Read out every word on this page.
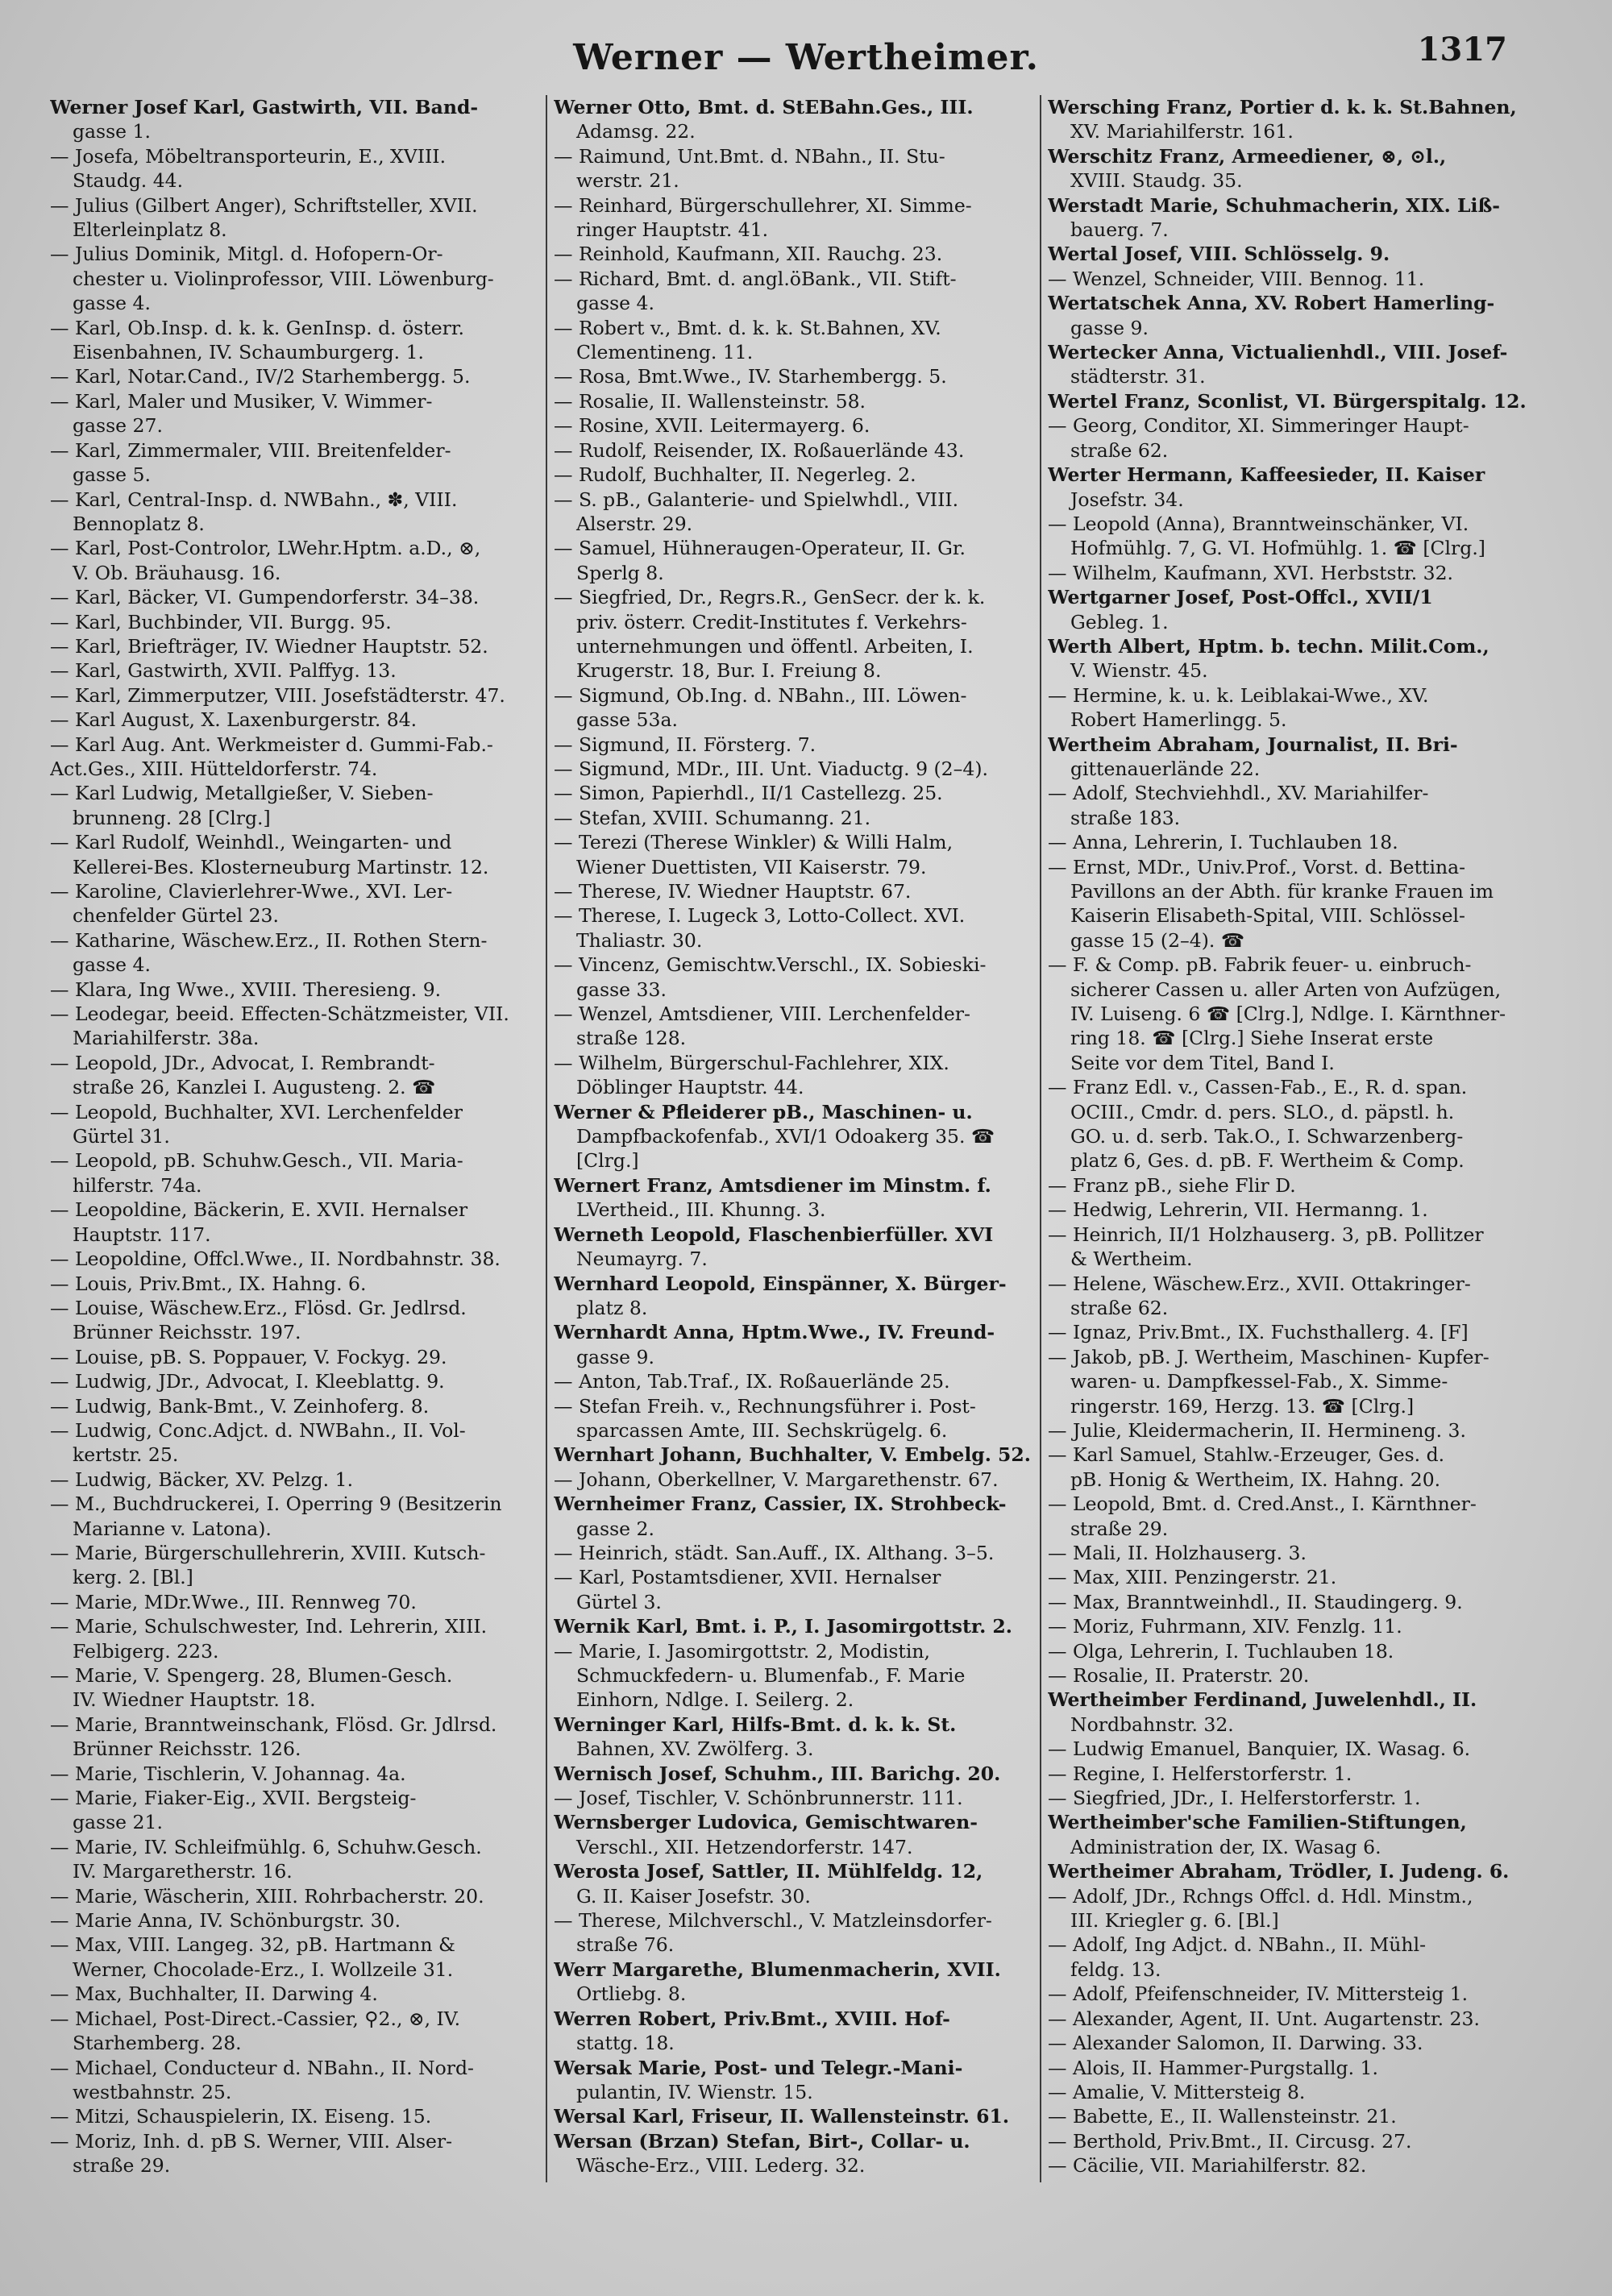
Werner — Wertheimer.	1317
Werner Josef Karl, Gastwirth, VII. Band-
gasse 1.
— Josefa, Möbeltransporteurin, E., XVIII.
Staudg. 44.
— Julius (Gilbert Anger), Schriftsteller, XVII.
Elterleinplatz 8.
— Julius Dominik, Mitgl. d. Hofopern-Or-
chester u. Violinprofessor, VIII. Löwenburg-
gasse 4.
— Karl, Ob.Insp. d. k. k. GenInsp. d. österr.
Eisenbahnen, IV. Schaumburgerg. 1.
— Karl, Notar.Cand., IV/2 Starhembergg. 5.
— Karl, Maler und Musiker, V. Wimmer-
gasse 27.
— Karl, Zimmermaler, VIII. Breitenfelder-
gasse 5.
— Karl, Central-Insp. d. NWBahn., ✽, VIII.
Bennoplatz 8.
— Karl, Post-Controlor, LWehr.Hptm. a.D., ⊗,
V. Ob. Bräuhausg. 16.
— Karl, Bäcker, VI. Gumpendorferstr. 34–38.
— Karl, Buchbinder, VII. Burgg. 95.
— Karl, Briefträger, IV. Wiedner Hauptstr. 52.
— Karl, Gastwirth, XVII. Palffyg. 13.
— Karl, Zimmerputzer, VIII. Josefstädterstr. 47.
— Karl August, X. Laxenburgerstr. 84.
— Karl Aug. Ant. Werkmeister d. Gummi-Fab.-
Act.Ges., XIII. Hütteldorferstr. 74.
— Karl Ludwig, Metallgießer, V. Sieben-
brunneng. 28 [Clrg.]
— Karl Rudolf, Weinhdl., Weingarten- und
Kellerei-Bes. Klosterneuburg Martinstr. 12.
— Karoline, Clavierlehrer-Wwe., XVI. Ler-
chenfelder Gürtel 23.
— Katharine, Wäschew.Erz., II. Rothen Stern-
gasse 4.
— Klara, Ing Wwe., XVIII. Theresieng. 9.
— Leodegar, beeid. Effecten-Schätzmeister, VII.
Mariahilferstr. 38a.
— Leopold, JDr., Advocat, I. Rembrandt-
straße 26, Kanzlei I. Augusteng. 2. ☎
— Leopold, Buchhalter, XVI. Lerchenfelder
Gürtel 31.
— Leopold, pB. Schuhw.Gesch., VII. Maria-
hilferstr. 74a.
— Leopoldine, Bäckerin, E. XVII. Hernalser
Hauptstr. 117.
— Leopoldine, Offcl.Wwe., II. Nordbahnstr. 38.
— Louis, Priv.Bmt., IX. Hahng. 6.
— Louise, Wäschew.Erz., Flösd. Gr. Jedlrsd.
Brünner Reichsstr. 197.
— Louise, pB. S. Poppauer, V. Fockyg. 29.
— Ludwig, JDr., Advocat, I. Kleeblattg. 9.
— Ludwig, Bank-Bmt., V. Zeinhoferg. 8.
— Ludwig, Conc.Adjct. d. NWBahn., II. Vol-
kertstr. 25.
— Ludwig, Bäcker, XV. Pelzg. 1.
— M., Buchdruckerei, I. Operring 9 (Besitzerin
Marianne v. Latona).
— Marie, Bürgerschullehrerin, XVIII. Kutsch-
kerg. 2. [Bl.]
— Marie, MDr.Wwe., III. Rennweg 70.
— Marie, Schulschwester, Ind. Lehrerin, XIII.
Felbigerg. 223.
— Marie, V. Spengerg. 28, Blumen-Gesch.
IV. Wiedner Hauptstr. 18.
— Marie, Branntweinschank, Flösd. Gr. Jdlrsd.
Brünner Reichsstr. 126.
— Marie, Tischlerin, V. Johannag. 4a.
— Marie, Fiaker-Eig., XVII. Bergsteig-
gasse 21.
— Marie, IV. Schleifmühlg. 6, Schuhw.Gesch.
IV. Margaretherstr. 16.
— Marie, Wäscherin, XIII. Rohrbacherstr. 20.
— Marie Anna, IV. Schönburgstr. 30.
— Max, VIII. Langeg. 32, pB. Hartmann &
Werner, Chocolade-Erz., I. Wollzeile 31.
— Max, Buchhalter, II. Darwing 4.
— Michael, Post-Direct.-Cassier, ⚲2., ⊗, IV.
Starhemberg. 28.
— Michael, Conducteur d. NBahn., II. Nord-
westbahnstr. 25.
— Mitzi, Schauspielerin, IX. Eiseng. 15.
— Moriz, Inh. d. pB S. Werner, VIII. Alser-
straße 29.
Werner Otto, Bmt. d. StEBahn.Ges., III.
Adamsg. 22.
— Raimund, Unt.Bmt. d. NBahn., II. Stu-
werstr. 21.
— Reinhard, Bürgerschullehrer, XI. Simme-
ringer Hauptstr. 41.
— Reinhold, Kaufmann, XII. Rauchg. 23.
— Richard, Bmt. d. angl.öBank., VII. Stift-
gasse 4.
— Robert v., Bmt. d. k. k. St.Bahnen, XV.
Clementineng. 11.
— Rosa, Bmt.Wwe., IV. Starhembergg. 5.
— Rosalie, II. Wallensteinstr. 58.
— Rosine, XVII. Leitermayerg. 6.
— Rudolf, Reisender, IX. Roßauerlände 43.
— Rudolf, Buchhalter, II. Negerleg. 2.
— S. pB., Galanterie- und Spielwhdl., VIII.
Alserstr. 29.
— Samuel, Hühneraugen-Operateur, II. Gr.
Sperlg 8.
— Siegfried, Dr., Regrs.R., GenSecr. der k. k.
priv. österr. Credit-Institutes f. Verkehrs-
unternehmungen und öffentl. Arbeiten, I.
Krugerstr. 18, Bur. I. Freiung 8.
— Sigmund, Ob.Ing. d. NBahn., III. Löwen-
gasse 53a.
— Sigmund, II. Försterg. 7.
— Sigmund, MDr., III. Unt. Viaductg. 9 (2–4).
— Simon, Papierhdl., II/1 Castellezg. 25.
— Stefan, XVIII. Schumanng. 21.
— Terezi (Therese Winkler) & Willi Halm,
Wiener Duettisten, VII Kaiserstr. 79.
— Therese, IV. Wiedner Hauptstr. 67.
— Therese, I. Lugeck 3, Lotto-Collect. XVI.
Thaliastr. 30.
— Vincenz, Gemischtw.Verschl., IX. Sobieski-
gasse 33.
— Wenzel, Amtsdiener, VIII. Lerchenfelder-
straße 128.
— Wilhelm, Bürgerschul-Fachlehrer, XIX.
Döblinger Hauptstr. 44.
Werner & Pfleiderer pB., Maschinen- u.
Dampfbackofenfab., XVI/1 Odoakerg 35. ☎
[Clrg.]
Wernert Franz, Amtsdiener im Minstm. f.
LVertheid., III. Khunng. 3.
Werneth Leopold, Flaschenbierfüller. XVI
Neumayrg. 7.
Wernhard Leopold, Einspänner, X. Bürger-
platz 8.
Wernhardt Anna, Hptm.Wwe., IV. Freund-
gasse 9.
— Anton, Tab.Traf., IX. Roßauerlände 25.
— Stefan Freih. v., Rechnungsführer i. Post-
sparcassen Amte, III. Sechskrügelg. 6.
Wernhart Johann, Buchhalter, V. Embelg. 52.
— Johann, Oberkellner, V. Margarethenstr. 67.
Wernheimer Franz, Cassier, IX. Strohbeck-
gasse 2.
— Heinrich, städt. San.Auff., IX. Althang. 3–5.
— Karl, Postamtsdiener, XVII. Hernalser
Gürtel 3.
Wernik Karl, Bmt. i. P., I. Jasomirgottstr. 2.
— Marie, I. Jasomirgottstr. 2, Modistin,
Schmuckfedern- u. Blumenfab., F. Marie
Einhorn, Ndlge. I. Seilerg. 2.
Werninger Karl, Hilfs-Bmt. d. k. k. St.
Bahnen, XV. Zwölferg. 3.
Wernisch Josef, Schuhm., III. Barichg. 20.
— Josef, Tischler, V. Schönbrunnerstr. 111.
Wernsberger Ludovica, Gemischtwaren-
Verschl., XII. Hetzendorferstr. 147.
Werosta Josef, Sattler, II. Mühlfeldg. 12,
G. II. Kaiser Josefstr. 30.
— Therese, Milchverschl., V. Matzleinsdorfer-
straße 76.
Werr Margarethe, Blumenmacherin, XVII.
Ortliebg. 8.
Werren Robert, Priv.Bmt., XVIII. Hof-
stattg. 18.
Wersak Marie, Post- und Telegr.-Mani-
pulantin, IV. Wienstr. 15.
Wersal Karl, Friseur, II. Wallensteinstr. 61.
Wersan (Brzan) Stefan, Birt-, Collar- u.
Wäsche-Erz., VIII. Lederg. 32.
Wersching Franz, Portier d. k. k. St.Bahnen,
XV. Mariahilferstr. 161.
Werschitz Franz, Armeediener, ⊗, ⊙l.,
XVIII. Staudg. 35.
Werstadt Marie, Schuhmacherin, XIX. Liß-
bauerg. 7.
Wertal Josef, VIII. Schlösselg. 9.
— Wenzel, Schneider, VIII. Bennog. 11.
Wertatschek Anna, XV. Robert Hamerling-
gasse 9.
Wertecker Anna, Victualienhdl., VIII. Josef-
städterstr. 31.
Wertel Franz, Sconlist, VI. Bürgerspitalg. 12.
— Georg, Conditor, XI. Simmeringer Haupt-
straße 62.
Werter Hermann, Kaffeesieder, II. Kaiser
Josefstr. 34.
— Leopold (Anna), Branntweinschänker, VI.
Hofmühlg. 7, G. VI. Hofmühlg. 1. ☎ [Clrg.]
— Wilhelm, Kaufmann, XVI. Herbststr. 32.
Wertgarner Josef, Post-Offcl., XVII/1
Gebleg. 1.
Werth Albert, Hptm. b. techn. Milit.Com.,
V. Wienstr. 45.
— Hermine, k. u. k. Leiblakai-Wwe., XV.
Robert Hamerlingg. 5.
Wertheim Abraham, Journalist, II. Bri-
gittenauerlände 22.
— Adolf, Stechviehhdl., XV. Mariahilfer-
straße 183.
— Anna, Lehrerin, I. Tuchlauben 18.
— Ernst, MDr., Univ.Prof., Vorst. d. Bettina-
Pavillons an der Abth. für kranke Frauen im
Kaiserin Elisabeth-Spital, VIII. Schlössel-
gasse 15 (2–4). ☎
— F. & Comp. pB. Fabrik feuer- u. einbruch-
sicherer Cassen u. aller Arten von Aufzügen,
IV. Luiseng. 6 ☎ [Clrg.], Ndlge. I. Kärnthner-
ring 18. ☎ [Clrg.] Siehe Inserat erste
Seite vor dem Titel, Band I.
— Franz Edl. v., Cassen-Fab., E., R. d. span.
OCIII., Cmdr. d. pers. SLO., d. päpstl. h.
GO. u. d. serb. Tak.O., I. Schwarzenberg-
platz 6, Ges. d. pB. F. Wertheim & Comp.
— Franz pB., siehe Flir D.
— Hedwig, Lehrerin, VII. Hermanng. 1.
— Heinrich, II/1 Holzhauserg. 3, pB. Pollitzer
& Wertheim.
— Helene, Wäschew.Erz., XVII. Ottakringer-
straße 62.
— Ignaz, Priv.Bmt., IX. Fuchsthallerg. 4. [F]
— Jakob, pB. J. Wertheim, Maschinen- Kupfer-
waren- u. Dampfkessel-Fab., X. Simme-
ringerstr. 169, Herzg. 13. ☎ [Clrg.]
— Julie, Kleidermacherin, II. Hermineng. 3.
— Karl Samuel, Stahlw.-Erzeuger, Ges. d.
pB. Honig & Wertheim, IX. Hahng. 20.
— Leopold, Bmt. d. Cred.Anst., I. Kärnthner-
straße 29.
— Mali, II. Holzhauserg. 3.
— Max, XIII. Penzingerstr. 21.
— Max, Branntweinhdl., II. Staudingerg. 9.
— Moriz, Fuhrmann, XIV. Fenzlg. 11.
— Olga, Lehrerin, I. Tuchlauben 18.
— Rosalie, II. Praterstr. 20.
Wertheimber Ferdinand, Juwelenhdl., II.
Nordbahnstr. 32.
— Ludwig Emanuel, Banquier, IX. Wasag. 6.
— Regine, I. Helferstorferstr. 1.
— Siegfried, JDr., I. Helferstorferstr. 1.
Wertheimber'sche Familien-Stiftungen,
Administration der, IX. Wasag 6.
Wertheimer Abraham, Trödler, I. Judeng. 6.
— Adolf, JDr., Rchngs Offcl. d. Hdl. Minstm.,
III. Kriegler g. 6. [Bl.]
— Adolf, Ing Adjct. d. NBahn., II. Mühl-
feldg. 13.
— Adolf, Pfeifenschneider, IV. Mittersteig 1.
— Alexander, Agent, II. Unt. Augartenstr. 23.
— Alexander Salomon, II. Darwing. 33.
— Alois, II. Hammer-Purgstallg. 1.
— Amalie, V. Mittersteig 8.
— Babette, E., II. Wallensteinstr. 21.
— Berthold, Priv.Bmt., II. Circusg. 27.
— Cäcilie, VII. Mariahilferstr. 82.
